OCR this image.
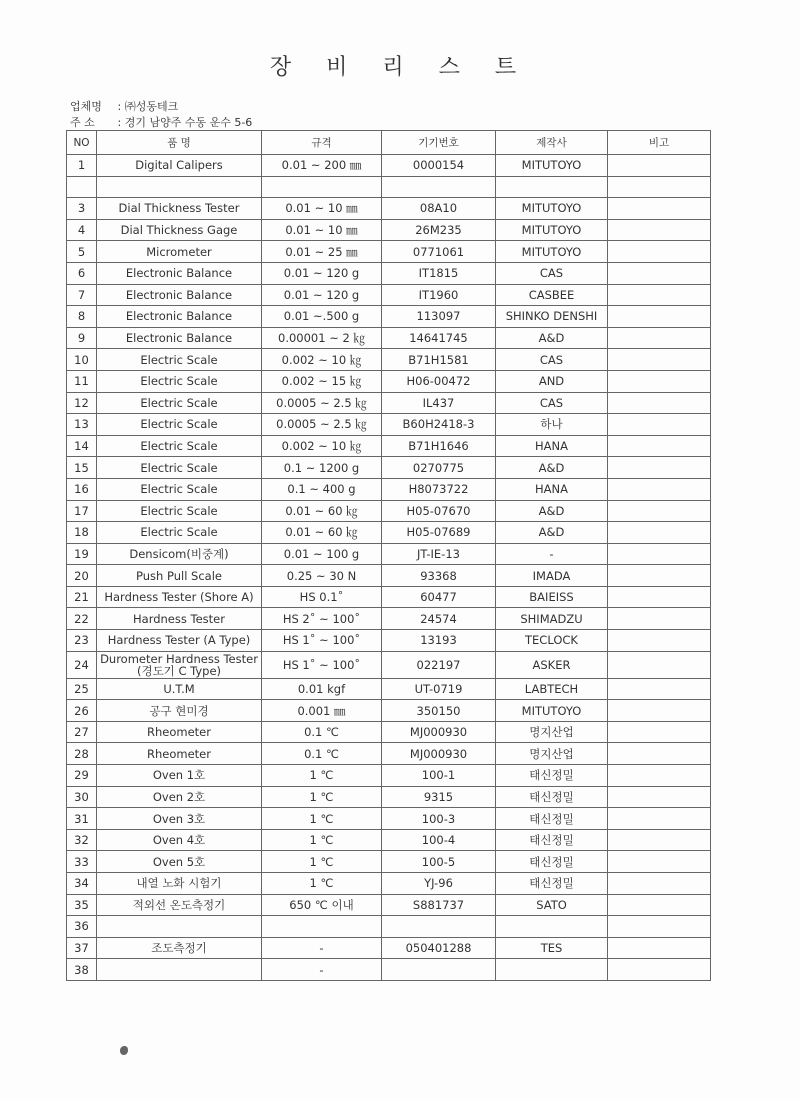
장 비 리 스 트
업체명 : ㈜성동테크
주 소 : 경기 남양주 수동 운수 5-6
NO	품 명	규격	기기번호	제작사	비고
1	Digital Calipers	0.01 ~ 200 ㎜	0000154	MITUTOYO	

3	Dial Thickness Tester	0.01 ~ 10 ㎜	08A10	MITUTOYO	
4	Dial Thickness Gage	0.01 ~ 10 ㎜	26M235	MITUTOYO	
5	Micrometer	0.01 ~ 25 ㎜	0771061	MITUTOYO	
6	Electronic Balance	0.01 ~ 120 g	IT1815	CAS	
7	Electronic Balance	0.01 ~ 120 g	IT1960	CASBEE	
8	Electronic Balance	0.01 ~.500 g	113097	SHINKO DENSHI	
9	Electronic Balance	0.00001 ~ 2 ㎏	14641745	A&D	
10	Electric Scale	0.002 ~ 10 ㎏	B71H1581	CAS	
11	Electric Scale	0.002 ~ 15 ㎏	H06-00472	AND	
12	Electric Scale	0.0005 ~ 2.5 ㎏	IL437	CAS	
13	Electric Scale	0.0005 ~ 2.5 ㎏	B60H2418-3	하나	
14	Electric Scale	0.002 ~ 10 ㎏	B71H1646	HANA	
15	Electric Scale	0.1 ~ 1200 g	0270775	A&D	
16	Electric Scale	0.1 ~ 400 g	H8073722	HANA	
17	Electric Scale	0.01 ~ 60 ㎏	H05-07670	A&D	
18	Electric Scale	0.01 ~ 60 ㎏	H05-07689	A&D	
19	Densicom(비중계)	0.01 ~ 100 g	JT-IE-13	-	
20	Push Pull Scale	0.25 ~ 30 N	93368	IMADA	
21	Hardness Tester (Shore A)	HS 0.1˚	60477	BAIEISS	
22	Hardness Tester	HS 2˚ ~ 100˚	24574	SHIMADZU	
23	Hardness Tester (A Type)	HS 1˚ ~ 100˚	13193	TECLOCK	
24	Durometer Hardness Tester (경도기 C Type)	HS 1˚ ~ 100˚	022197	ASKER	
25	U.T.M	0.01 kgf	UT-0719	LABTECH	
26	공구 현미경	0.001 ㎜	350150	MITUTOYO	
27	Rheometer	0.1 ℃	MJ000930	명지산업	
28	Rheometer	0.1 ℃	MJ000930	명지산업	
29	Oven 1호	1 ℃	100-1	태신정밀	
30	Oven 2호	1 ℃	9315	태신정밀	
31	Oven 3호	1 ℃	100-3	태신정밀	
32	Oven 4호	1 ℃	100-4	태신정밀	
33	Oven 5호	1 ℃	100-5	태신정밀	
34	내열 노화 시험기	1 ℃	YJ-96	태신정밀	
35	적외선 온도측정기	650 ℃ 이내	S881737	SATO	
36					
37	조도측정기	-	050401288	TES	
38		-			
